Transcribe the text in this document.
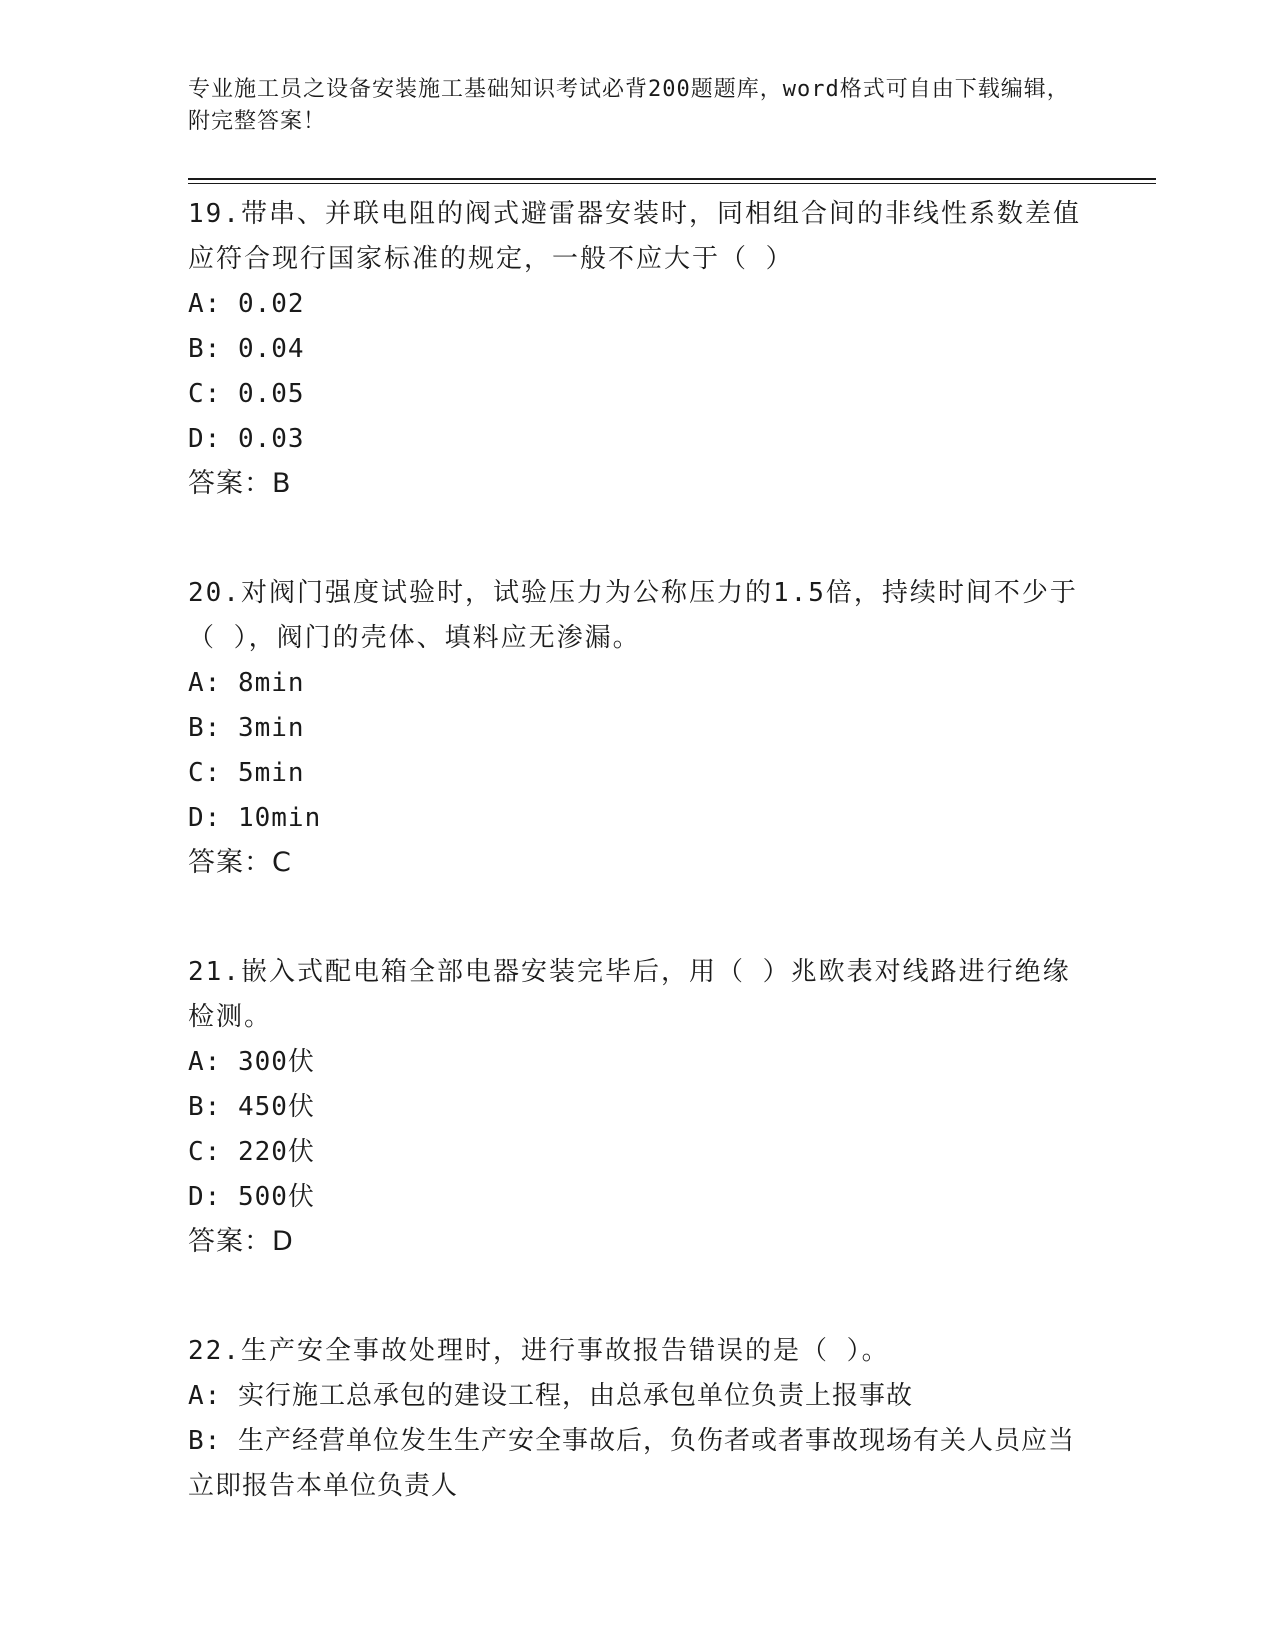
专业施工员之设备安装施工基础知识考试必背200题题库，word格式可自由下载编辑，附完整答案！
19.带串、并联电阻的阀式避雷器安装时，同相组合间的非线性系数差值应符合现行国家标准的规定，一般不应大于（ ）
A: 0.02
B: 0.04
C: 0.05
D: 0.03
答案：B
20.对阀门强度试验时，试验压力为公称压力的1.5倍，持续时间不少于（ ），阀门的壳体、填料应无渗漏。
A: 8min
B: 3min
C: 5min
D: 10min
答案：C
21.嵌入式配电箱全部电器安装完毕后，用（ ）兆欧表对线路进行绝缘检测。
A: 300伏
B: 450伏
C: 220伏
D: 500伏
答案：D
22.生产安全事故处理时，进行事故报告错误的是（ ）。
A: 实行施工总承包的建设工程，由总承包单位负责上报事故
B: 生产经营单位发生生产安全事故后，负伤者或者事故现场有关人员应当立即报告本单位负责人
